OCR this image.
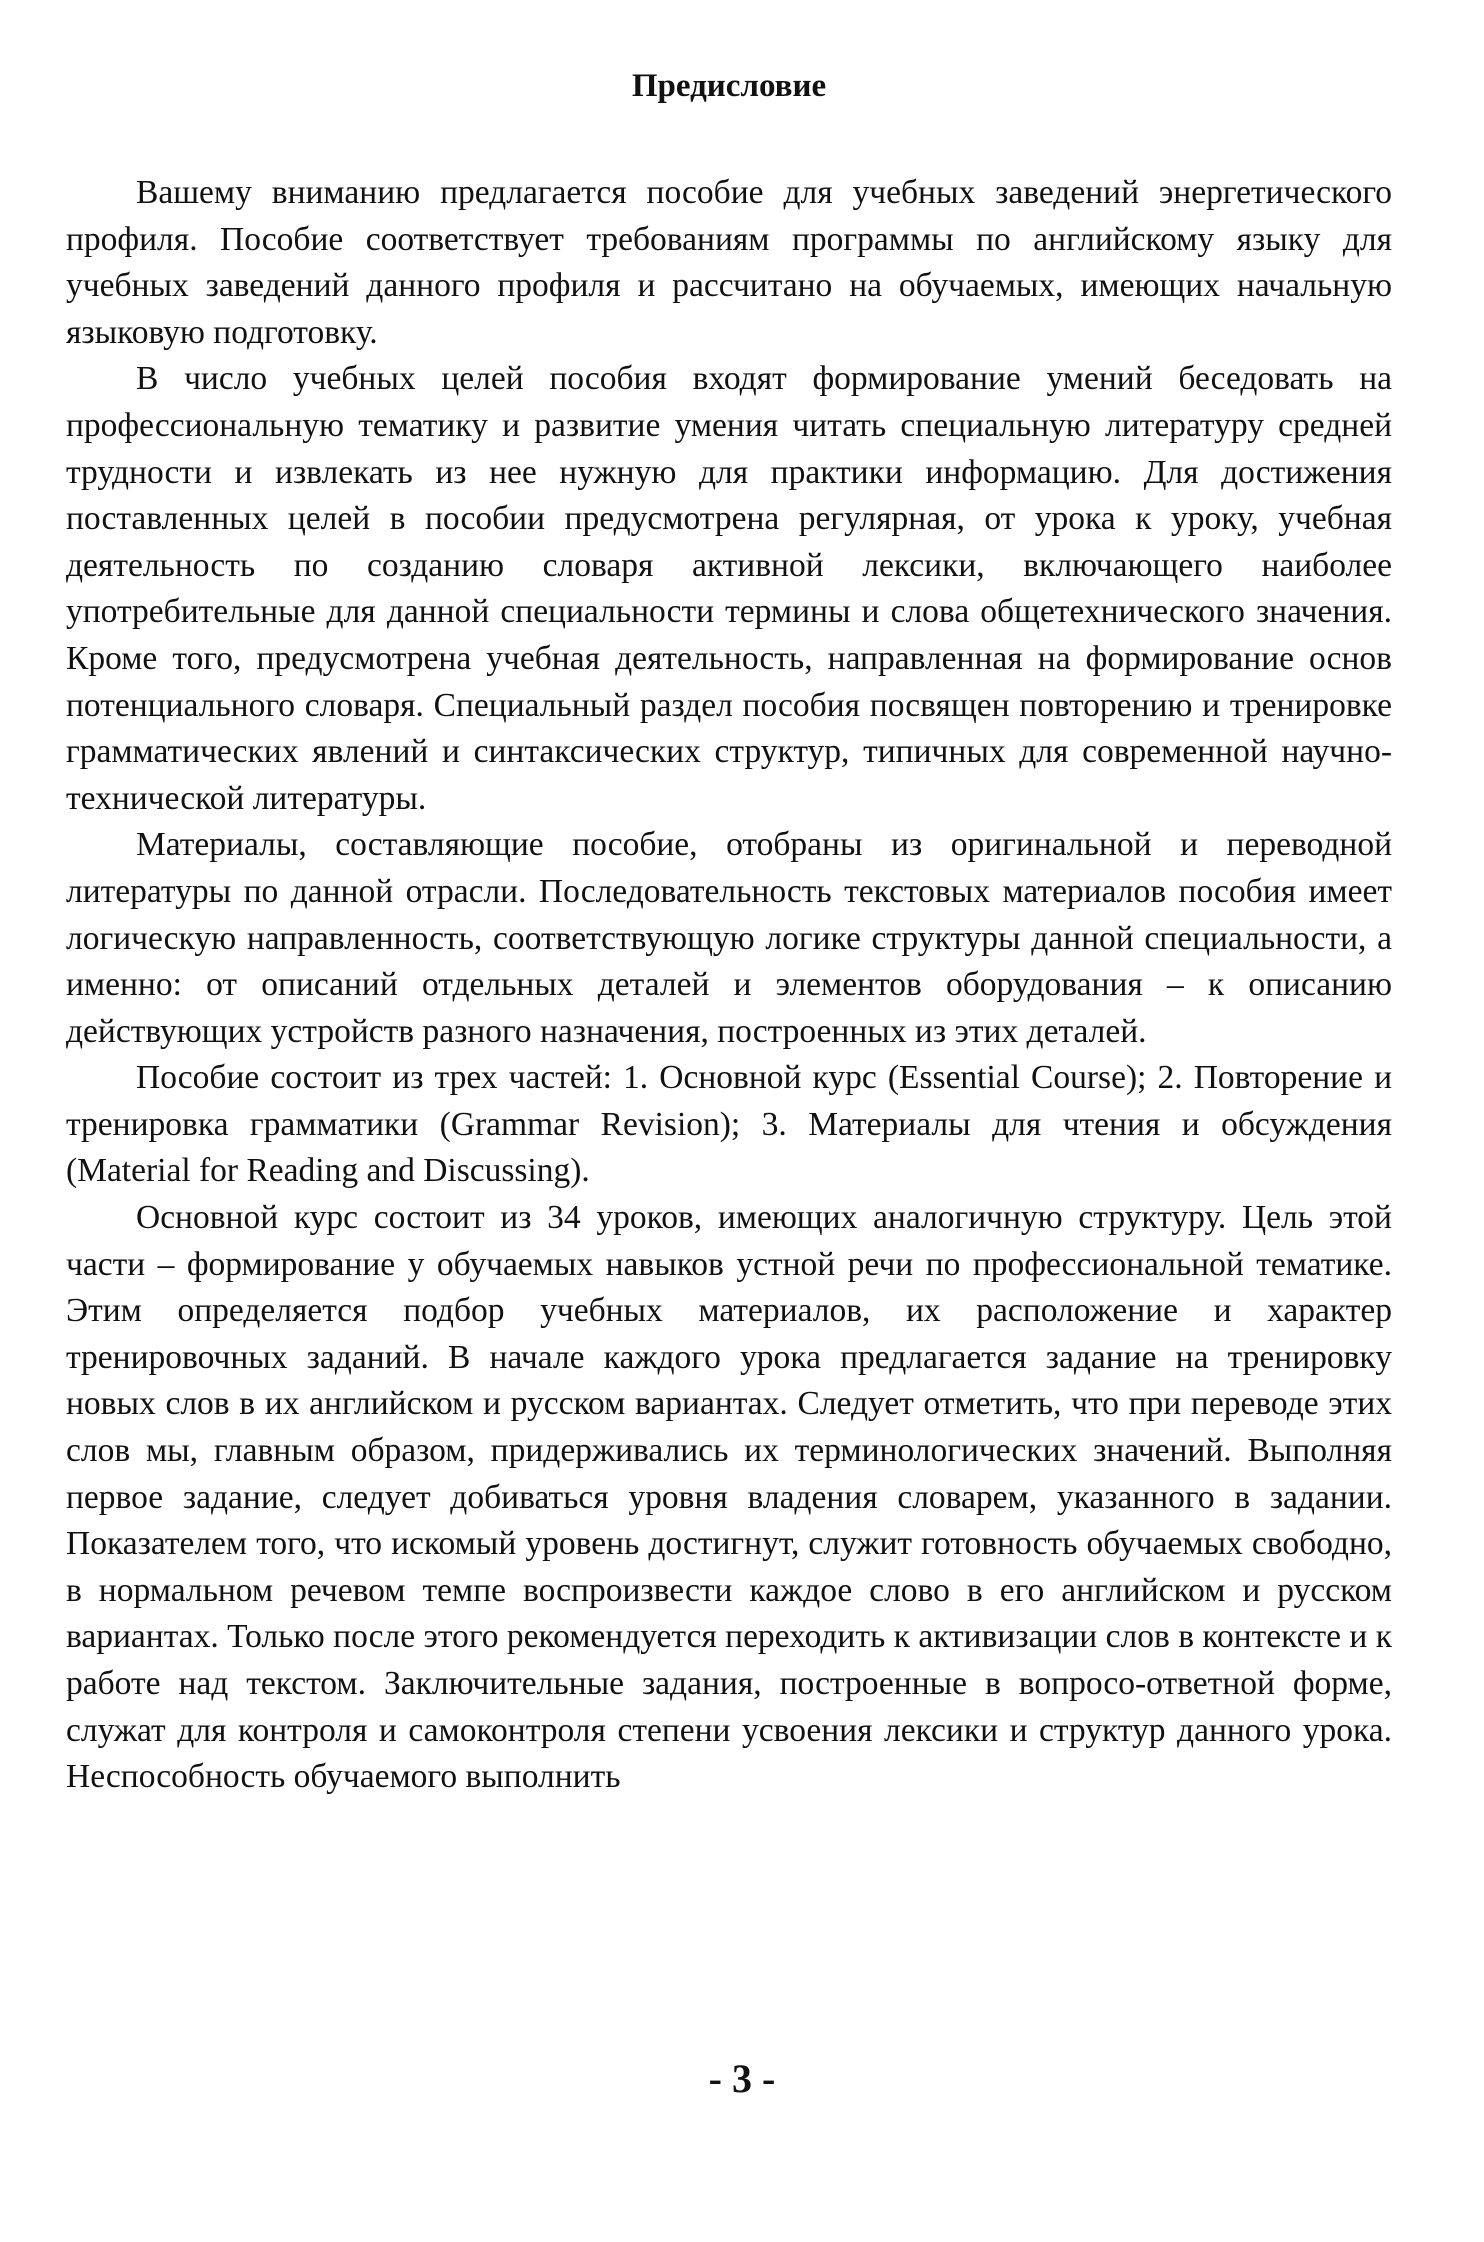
Предисловие

Вашему вниманию предлагается пособие для учебных заведений энергетического профиля. Пособие соответствует требованиям программы по английскому языку для учебных заведений данного профиля и рассчитано на обучаемых, имеющих начальную языковую подготовку.

В число учебных целей пособия входят формирование умений беседовать на профессиональную тематику и развитие умения читать специальную литературу средней трудности и извлекать из нее нужную для практики информацию. Для достижения поставленных целей в пособии предусмотрена регулярная, от урока к уроку, учебная деятельность по созданию словаря активной лексики, включающего наиболее употребительные для данной специальности термины и слова общетехнического значения. Кроме того, предусмотрена учебная деятельность, направленная на формирование основ потенциального словаря. Специальный раздел пособия посвящен повторению и тренировке грамматических явлений и синтаксических структур, типичных для современной научно-технической литературы.

Материалы, составляющие пособие, отобраны из оригинальной и переводной литературы по данной отрасли. Последовательность текстовых материалов пособия имеет логическую направленность, соответствующую логике структуры данной специальности, а именно: от описаний отдельных деталей и элементов оборудования – к описанию действующих устройств разного назначения, построенных из этих деталей.

Пособие состоит из трех частей: 1. Основной курс (Essential Course); 2. Повторение и тренировка грамматики (Grammar Revision); 3. Материалы для чтения и обсуждения (Material for Reading and Discussing).

Основной курс состоит из 34 уроков, имеющих аналогичную структуру. Цель этой части – формирование у обучаемых навыков устной речи по профессиональной тематике. Этим определяется подбор учебных материалов, их расположение и характер тренировочных заданий. В начале каждого урока предлагается задание на тренировку новых слов в их английском и русском вариантах. Следует отметить, что при переводе этих слов мы, главным образом, придерживались их терминологических значений. Выполняя первое задание, следует добиваться уровня владения словарем, указанного в задании. Показателем того, что искомый уровень достигнут, служит готовность обучаемых свободно, в нормальном речевом темпе воспроизвести каждое слово в его английском и русском вариантах. Только после этого рекомендуется переходить к активизации слов в контексте и к работе над текстом. Заключительные задания, построенные в вопросо-ответной форме, служат для контроля и самоконтроля степени усвоения лексики и структур данного урока. Неспособность обучаемого выполнить

- 3 -
